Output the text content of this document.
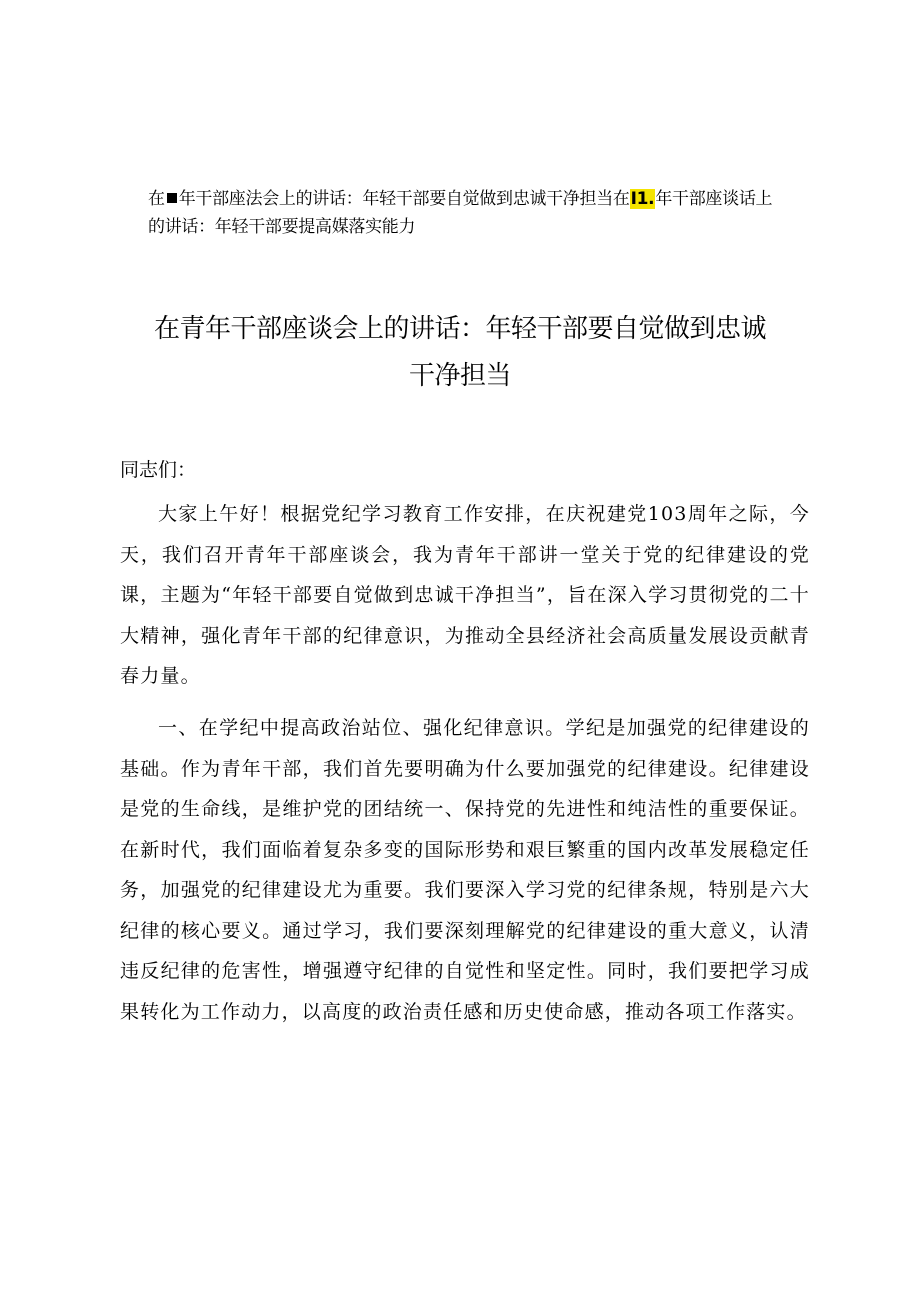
在 年干部座法会上的讲话：年轻干部要自觉做到忠诚干净担当在I1.年干部座谈话上
的讲话：年轻干部要提高媒落实能力
在青年干部座谈会上的讲话：年轻干部要自觉做到忠诚
干净担当
同志们：

大家上午好！根据党纪学习教育工作安排，在庆祝建党103周年之际，今天，我们召开青年干部座谈会，我为青年干部讲一堂关于党的纪律建设的党课，主题为“年轻干部要自觉做到忠诚干净担当”，旨在深入学习贯彻党的二十大精神，强化青年干部的纪律意识，为推动全县经济社会高质量发展设贡献青春力量。

一、在学纪中提高政治站位、强化纪律意识。学纪是加强党的纪律建设的基础。作为青年干部，我们首先要明确为什么要加强党的纪律建设。纪律建设是党的生命线，是维护党的团结统一、保持党的先进性和纯洁性的重要保证。在新时代，我们面临着复杂多变的国际形势和艰巨繁重的国内改革发展稳定任务，加强党的纪律建设尤为重要。我们要深入学习党的纪律条规，特别是六大纪律的核心要义。通过学习，我们要深刻理解党的纪律建设的重大意义，认清违反纪律的危害性，增强遵守纪律的自觉性和坚定性。同时，我们要把学习成果转化为工作动力，以高度的政治责任感和历史使命感，推动各项工作落实。
